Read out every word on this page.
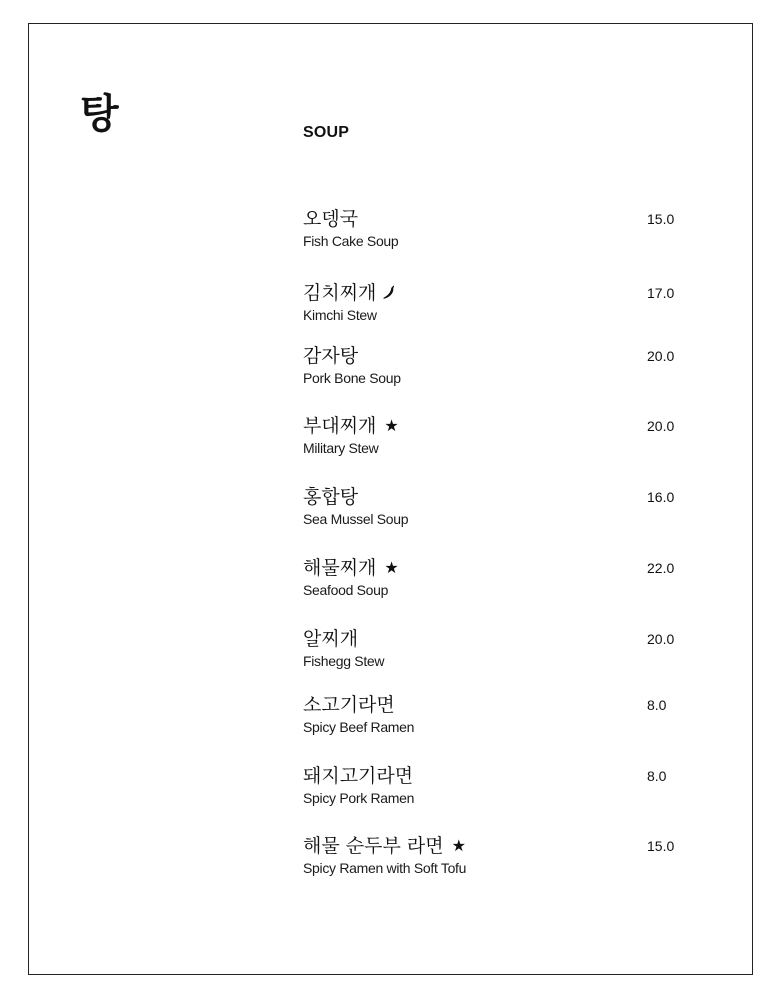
탕	SOUP
오뎅국
Fish Cake Soup
15.0
김치찌개
Kimchi Stew
17.0
감자탕
Pork Bone Soup
20.0
부대찌개 ★
Military Stew
20.0
홍합탕
Sea Mussel Soup
16.0
해물찌개 ★
Seafood Soup
22.0
알찌개
Fishegg Stew
20.0
소고기라면
Spicy Beef Ramen
8.0
돼지고기라면
Spicy Pork Ramen
8.0
해물 순두부 라면 ★
Spicy Ramen with Soft Tofu
15.0
